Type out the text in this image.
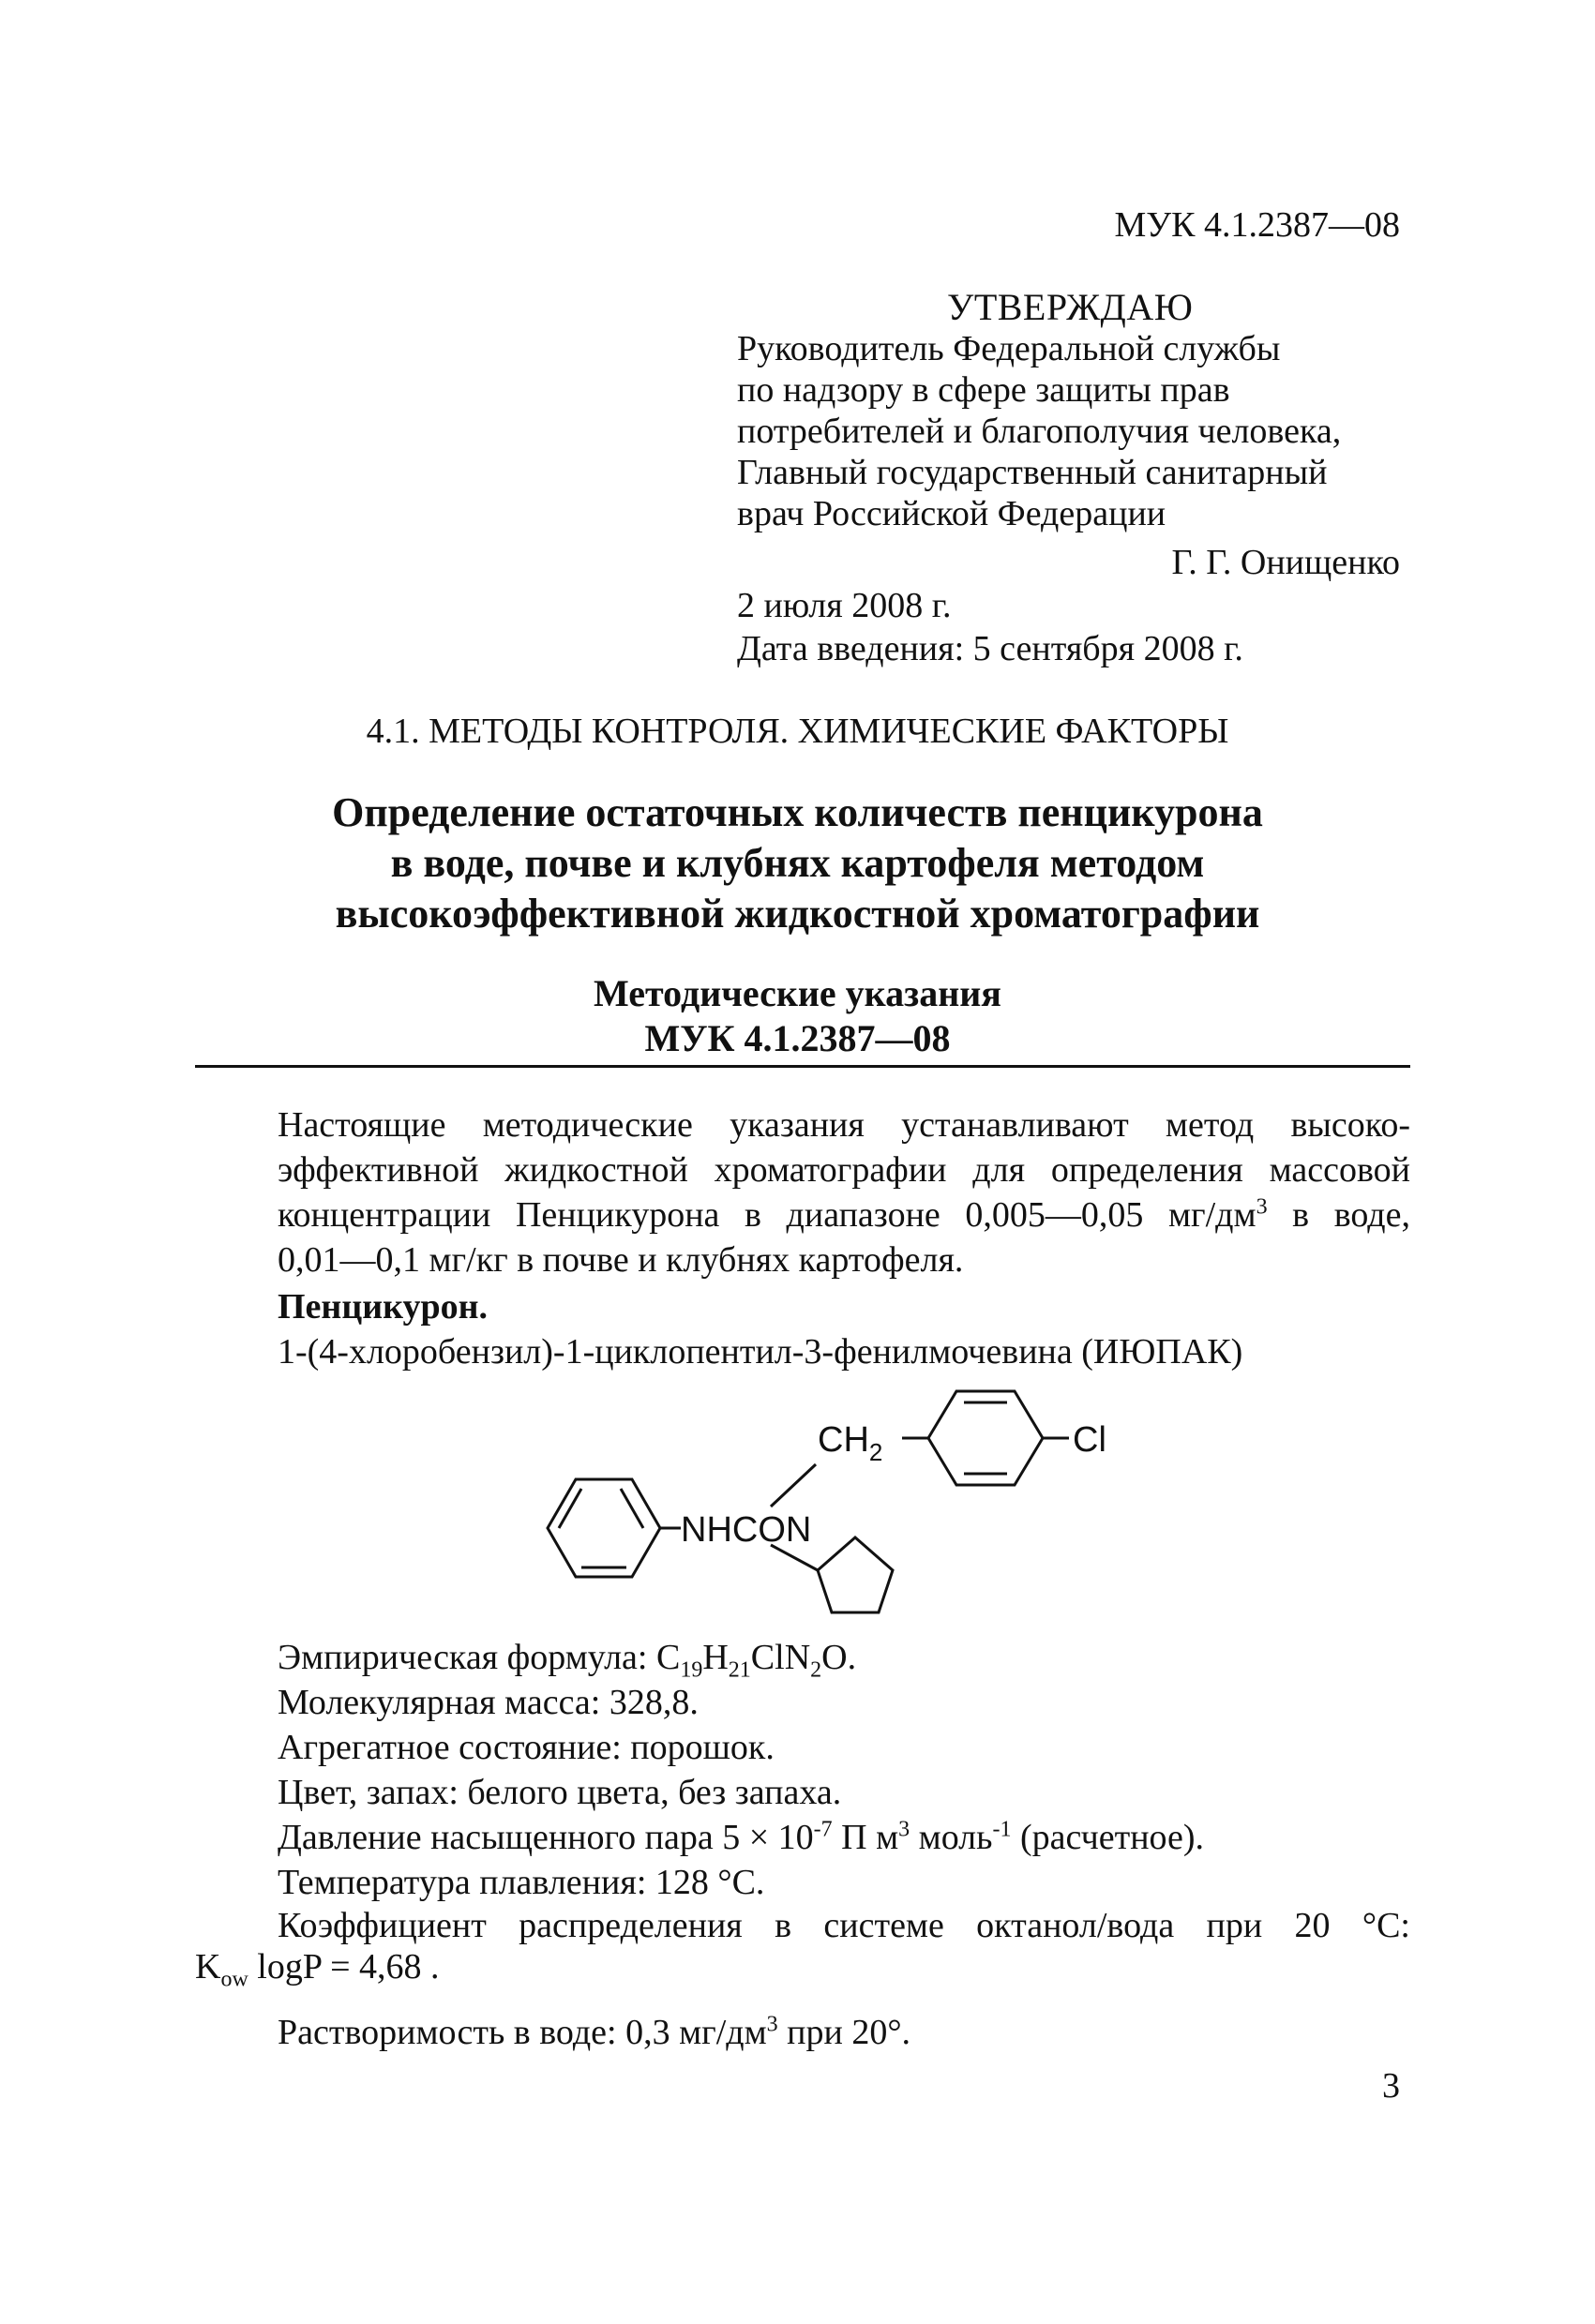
МУК 4.1.2387—08
УТВЕРЖДАЮ
Руководитель Федеральной службы
по надзору в сфере защиты прав
потребителей и благополучия человека,
Главный государственный санитарный
врач Российской Федерации
Г. Г. Онищенко
2 июля 2008 г.
Дата введения: 5 сентября 2008 г.
4.1. МЕТОДЫ КОНТРОЛЯ. ХИМИЧЕСКИЕ ФАКТОРЫ
Определение остаточных количеств пенцикурона
в воде, почве и клубнях картофеля методом
высокоэффективной жидкостной хроматографии
Методические указания
МУК 4.1.2387—08
Настоящие методические указания устанавливают метод высоко-
эффективной жидкостной хроматографии для определения массовой
концентрации Пенцикурона в диапазоне 0,005—0,05 $мг/дм^3$ в воде,
0,01—0,1 мг/кг в почве и клубнях картофеля.
Пенцикурон.
1-(4-хлоробензил)-1-циклопентил-3-фенилмочевина (ИЮПАК)
NHCON
$CH_2$	Cl
Эмпирическая формула: $C_{19}H_{21}ClN_2O$.
Молекулярная масса: 328,8.
Агрегатное состояние: порошок.
Цвет, запах: белого цвета, без запаха.
Давление насыщенного пара $5 \times 10^{-7}$ П $м^3$ моль$^{-1}$ (расчетное).
Температура плавления: 128 °С.
Коэффициент распределения в системе октанол/вода при 20 °С:
$K_{ow}$ logP = 4,68 .
Растворимость в воде: 0,3 $мг/дм^3$ при 20°.
3
